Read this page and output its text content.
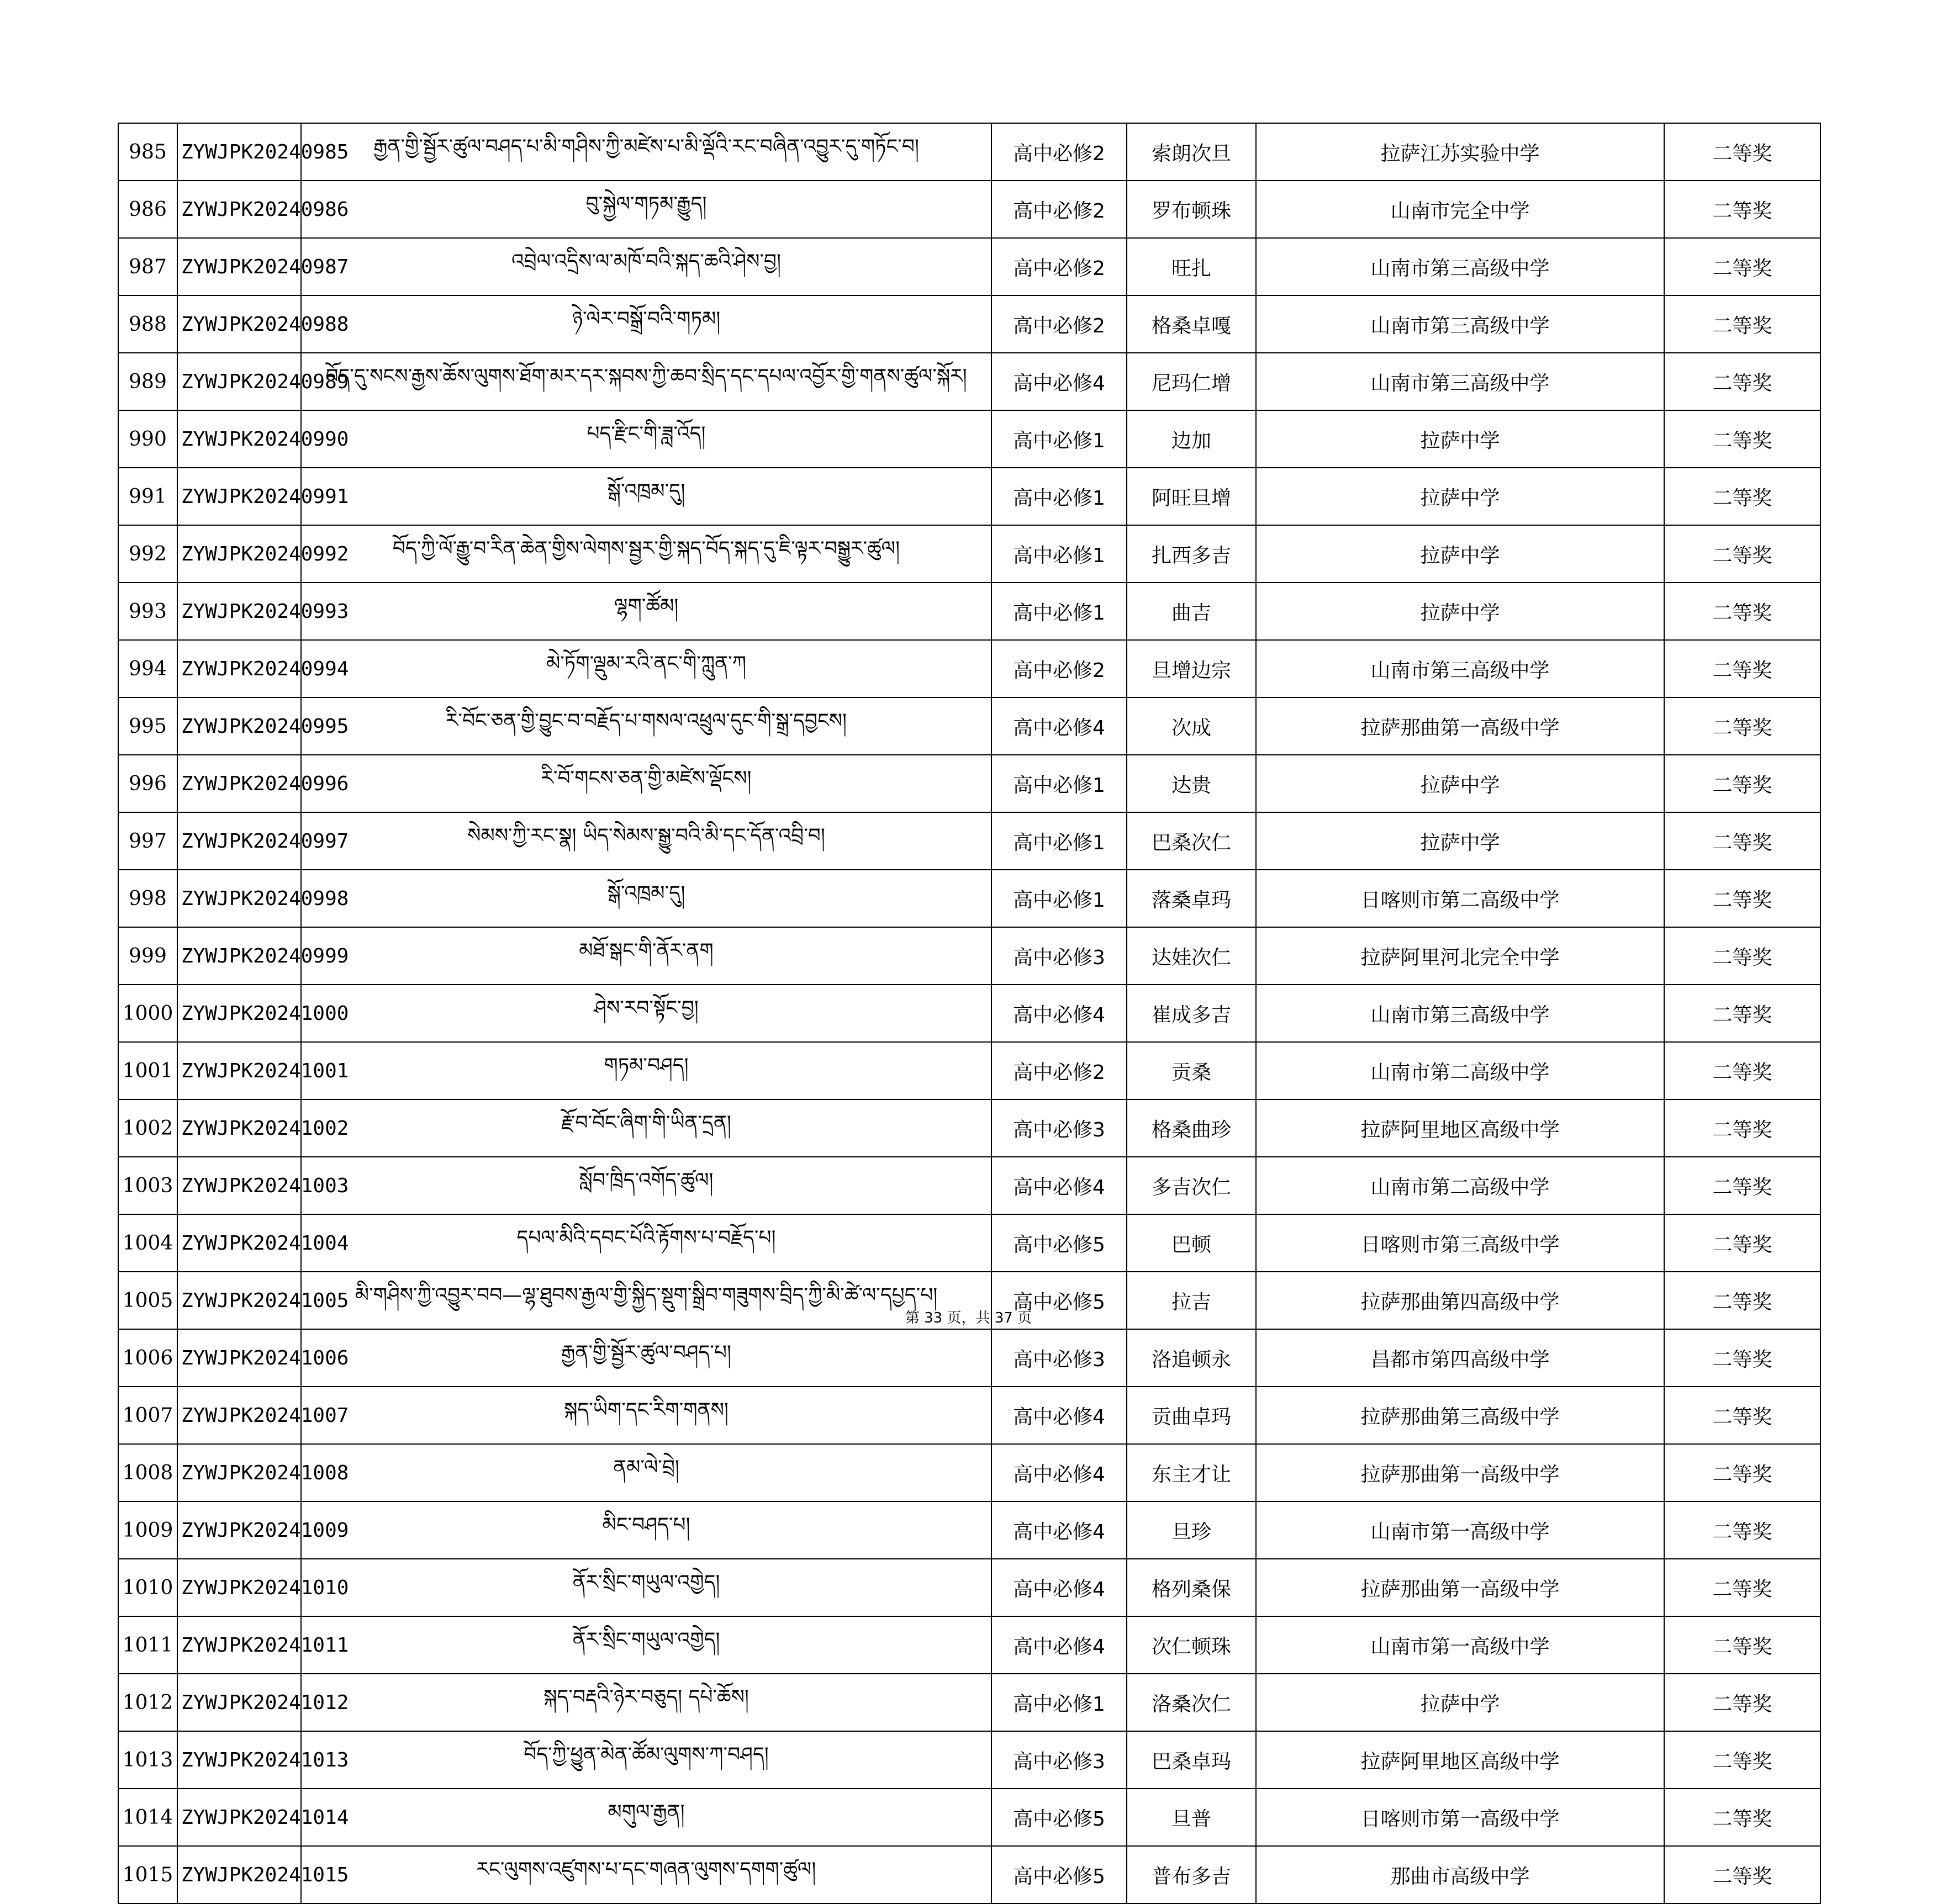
985	ZYWJPK20240985	རྒྱན་གྱི་སྦྱོར་ཚུལ་བཤད་པ་མི་གཤིས་ཀྱི་མཛེས་པ་མི་ལྡོའི་རང་བཞིན་འབྱུར་དུ་གཏོང་བ།	高中必修2	索朗次旦	拉萨江苏实验中学	二等奖
986	ZYWJPK20240986	བུ་སྐྱེལ་གཏམ་རྒྱུད།	高中必修2	罗布顿珠	山南市完全中学	二等奖
987	ZYWJPK20240987	འབྲེལ་འདྲིས་ལ་མཁོ་བའི་སྐད་ཆའི་ཤེས་བྱ།	高中必修2	旺扎	山南市第三高级中学	二等奖
988	ZYWJPK20240988	ཉེ་ལེར་བསྒྲོ་བའི་གཏམ།	高中必修2	格桑卓嘎	山南市第三高级中学	二等奖
989	ZYWJPK20240989	བོད་དུ་སངས་རྒྱས་ཆོས་ལུགས་ཐོག་མར་དར་སྐབས་ཀྱི་ཆབ་སྲིད་དང་དཔལ་འབྱོར་གྱི་གནས་ཚུལ་སྐོར།	高中必修4	尼玛仁增	山南市第三高级中学	二等奖
990	ZYWJPK20240990	པད་རྫིང་གི་ཟླ་འོད།	高中必修1	边加	拉萨中学	二等奖
991	ZYWJPK20240991	སྒོ་འཁྲམ་དུ།	高中必修1	阿旺旦增	拉萨中学	二等奖
992	ZYWJPK20240992	བོད་ཀྱི་ལོ་རྒྱུ་བ་རིན་ཆེན་གྱིས་ལེགས་སྦྱར་གྱི་སྐད་བོད་སྐད་དུ་ཇི་ལྟར་བསྒྱུར་ཚུལ།	高中必修1	扎西多吉	拉萨中学	二等奖
993	ZYWJPK20240993	ལྷག་ཚོམ།	高中必修1	曲吉	拉萨中学	二等奖
994	ZYWJPK20240994	མེ་ཏོག་ལྡུམ་རའི་ནང་གི་ཀླུན་ཀ	高中必修2	旦增边宗	山南市第三高级中学	二等奖
995	ZYWJPK20240995	རི་བོང་ཅན་གྱི་བྱུང་བ་བརྗོད་པ་གསལ་འཕྲུལ་དུང་གི་སྒྲ་དབྱངས།	高中必修4	次成	拉萨那曲第一高级中学	二等奖
996	ZYWJPK20240996	རི་བོ་གངས་ཅན་གྱི་མཛེས་ལྡོངས།	高中必修1	达贵	拉萨中学	二等奖
997	ZYWJPK20240997	སེམས་ཀྱི་རང་སྣ། ཡིད་སེམས་སྒྱུ་བའི་མི་དང་དོན་འབྲི་བ།	高中必修1	巴桑次仁	拉萨中学	二等奖
998	ZYWJPK20240998	སྒོ་འཁྲམ་དུ།	高中必修1	落桑卓玛	日喀则市第二高级中学	二等奖
999	ZYWJPK20240999	མཐོ་སྒང་གི་ནོར་ནག	高中必修3	达娃次仁	拉萨阿里河北完全中学	二等奖
1000	ZYWJPK20241000	ཤེས་རབ་སྟོང་བྱ།	高中必修4	崔成多吉	山南市第三高级中学	二等奖
1001	ZYWJPK20241001	གཏམ་བཤད།	高中必修2	贡桑	山南市第二高级中学	二等奖
1002	ZYWJPK20241002	རྗོ་བ་བོང་ཞིག་གི་ཡིན་དྲན།	高中必修3	格桑曲珍	拉萨阿里地区高级中学	二等奖
1003	ZYWJPK20241003	སློབ་ཁྲིད་འགོད་ཚུལ།	高中必修4	多吉次仁	山南市第二高级中学	二等奖
1004	ZYWJPK20241004	དཔལ་མིའི་དབང་པོའི་རྟོགས་པ་བརྗོད་པ།	高中必修5	巴顿	日喀则市第三高级中学	二等奖
1005	ZYWJPK20241005	མི་གཤིས་ཀྱི་འབྱུར་བབ—ལྷ་ཐུབས་རྒྱལ་གྱི་སྐྱིད་སྡུག་སྒྲིབ་གཟུགས་བྲིད་ཀྱི་མི་ཚེ་ལ་དཔྱད་པ།	高中必修5	拉吉	拉萨那曲第四高级中学	二等奖
1006	ZYWJPK20241006	རྒྱན་གྱི་སྦྱོར་ཚུལ་བཤད་པ།	高中必修3	洛追顿永	昌都市第四高级中学	二等奖
1007	ZYWJPK20241007	སྐད་ཡིག་དང་རིག་གནས།	高中必修4	贡曲卓玛	拉萨那曲第三高级中学	二等奖
1008	ZYWJPK20241008	ནམ་ལེ་བྲེ།	高中必修4	东主才让	拉萨那曲第一高级中学	二等奖
1009	ZYWJPK20241009	མིང་བཤད་པ།	高中必修4	旦珍	山南市第一高级中学	二等奖
1010	ZYWJPK20241010	ནོར་སྲིང་གཡུལ་འགྱེད།	高中必修4	格列桑保	拉萨那曲第一高级中学	二等奖
1011	ZYWJPK20241011	ནོར་སྲིང་གཡུལ་འགྱེད།	高中必修4	次仁顿珠	山南市第一高级中学	二等奖
1012	ZYWJPK20241012	སྐད་བརྡའི་ཉེར་བཅུད། དཔེ་ཆོས།	高中必修1	洛桑次仁	拉萨中学	二等奖
1013	ZYWJPK20241013	བོད་ཀྱི་ཕྱུན་མེན་ཚོམ་ལུགས་ཀ་བཤད།	高中必修3	巴桑卓玛	拉萨阿里地区高级中学	二等奖
1014	ZYWJPK20241014	མགུལ་རྒྱན།	高中必修5	旦普	日喀则市第一高级中学	二等奖
1015	ZYWJPK20241015	རང་ལུགས་འཛུགས་པ་དང་གཞན་ལུགས་དགག་ཚུལ།	高中必修5	普布多吉	那曲市高级中学	二等奖
第 33 页，共 37 页
